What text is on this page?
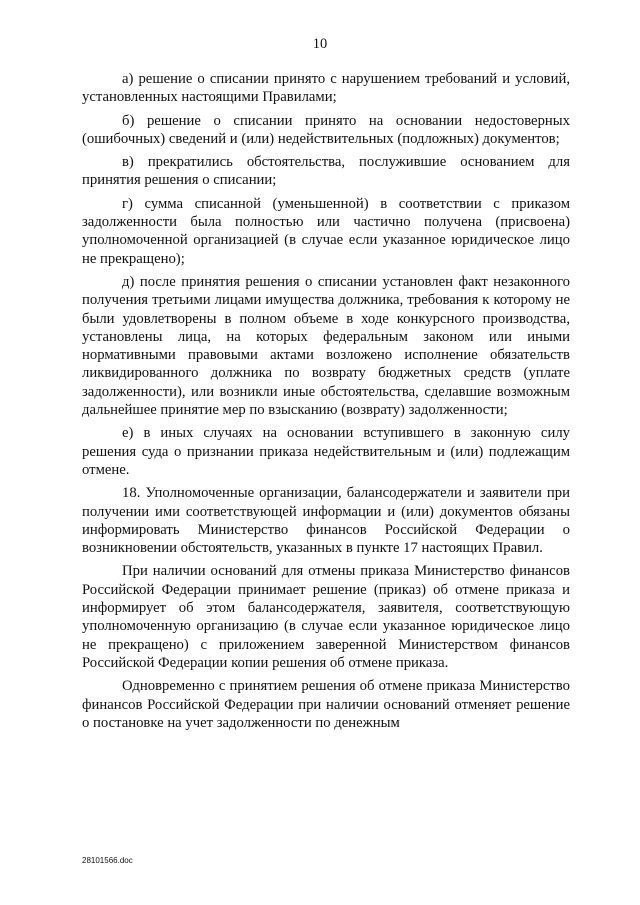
10

а) решение о списании принято с нарушением требований и условий, установленных настоящими Правилами;

б) решение о списании принято на основании недостоверных (ошибочных) сведений и (или) недействительных (подложных) документов;

в) прекратились обстоятельства, послужившие основанием для принятия решения о списании;

г) сумма списанной (уменьшенной) в соответствии с приказом задолженности была полностью или частично получена (присвоена) уполномоченной организацией (в случае если указанное юридическое лицо не прекращено);

д) после принятия решения о списании установлен факт незаконного получения третьими лицами имущества должника, требования к которому не были удовлетворены в полном объеме в ходе конкурсного производства, установлены лица, на которых федеральным законом или иными нормативными правовыми актами возложено исполнение обязательств ликвидированного должника по возврату бюджетных средств (уплате задолженности), или возникли иные обстоятельства, сделавшие возможным дальнейшее принятие мер по взысканию (возврату) задолженности;

е) в иных случаях на основании вступившего в законную силу решения суда о признании приказа недействительным и (или) подлежащим отмене.

18. Уполномоченные организации, балансодержатели и заявители при получении ими соответствующей информации и (или) документов обязаны информировать Министерство финансов Российской Федерации о возникновении обстоятельств, указанных в пункте 17 настоящих Правил.

При наличии оснований для отмены приказа Министерство финансов Российской Федерации принимает решение (приказ) об отмене приказа и информирует об этом балансодержателя, заявителя, соответствующую уполномоченную организацию (в случае если указанное юридическое лицо не прекращено) с приложением заверенной Министерством финансов Российской Федерации копии решения об отмене приказа.

Одновременно с принятием решения об отмене приказа Министерство финансов Российской Федерации при наличии оснований отменяет решение о постановке на учет задолженности по денежным

28101566.doc
